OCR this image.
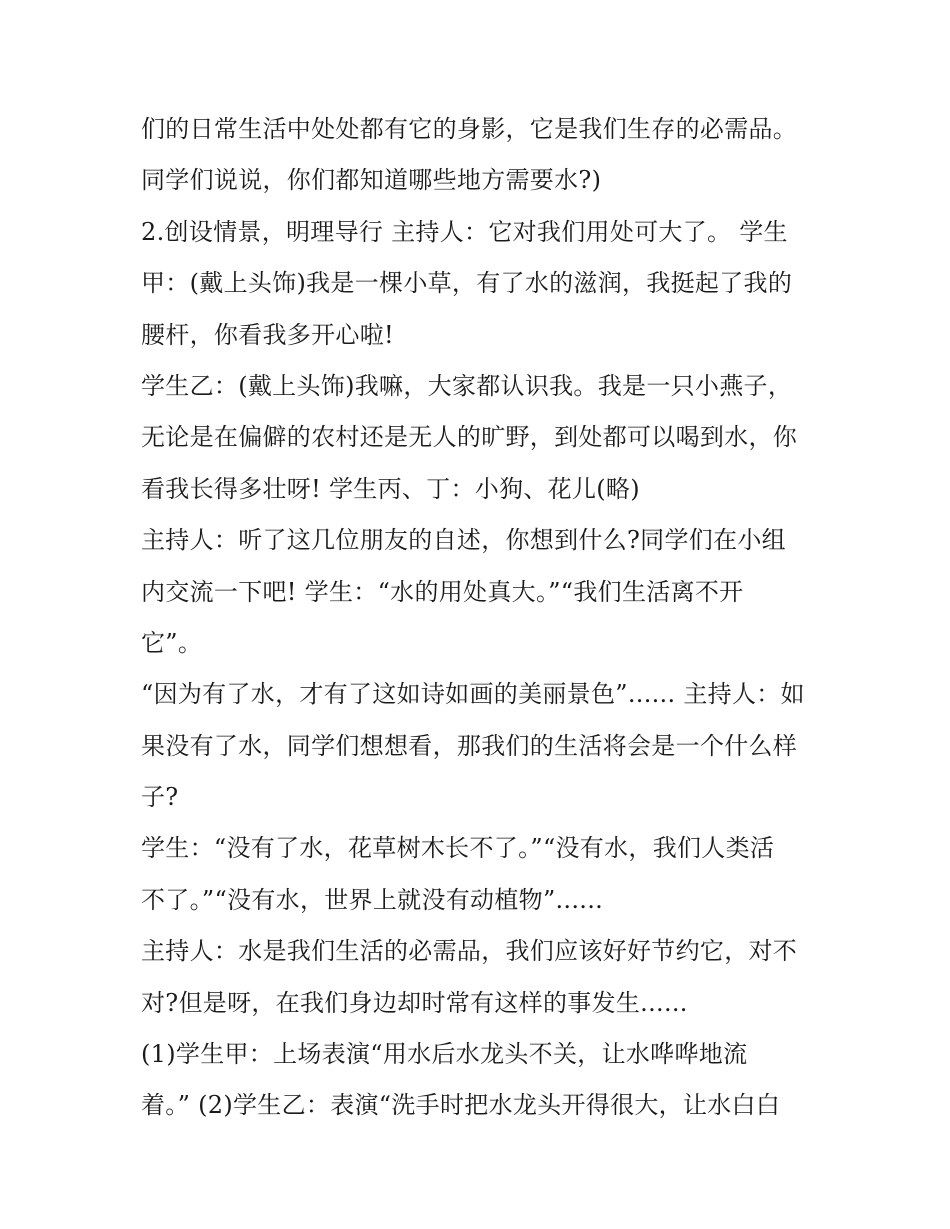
们的日常生活中处处都有它的身影，它是我们生存的必需品。
同学们说说，你们都知道哪些地方需要水?)
2.创设情景，明理导行 主持人：它对我们用处可大了。 学生
甲：(戴上头饰)我是一棵小草，有了水的滋润，我挺起了我的
腰杆，你看我多开心啦!
学生乙：(戴上头饰)我嘛，大家都认识我。我是一只小燕子，
无论是在偏僻的农村还是无人的旷野，到处都可以喝到水，你
看我长得多壮呀! 学生丙、丁：小狗、花儿(略)
主持人：听了这几位朋友的自述，你想到什么?同学们在小组
内交流一下吧! 学生：“水的用处真大。”“我们生活离不开
它”。
“因为有了水，才有了这如诗如画的美丽景色”...... 主持人：如
果没有了水，同学们想想看，那我们的生活将会是一个什么样
子?
学生：“没有了水，花草树木长不了。”“没有水，我们人类活
不了。”“没有水，世界上就没有动植物”......
主持人：水是我们生活的必需品，我们应该好好节约它，对不
对?但是呀，在我们身边却时常有这样的事发生......
(1)学生甲：上场表演“用水后水龙头不关，让水哗哗地流
着。” (2)学生乙：表演“洗手时把水龙头开得很大，让水白白
